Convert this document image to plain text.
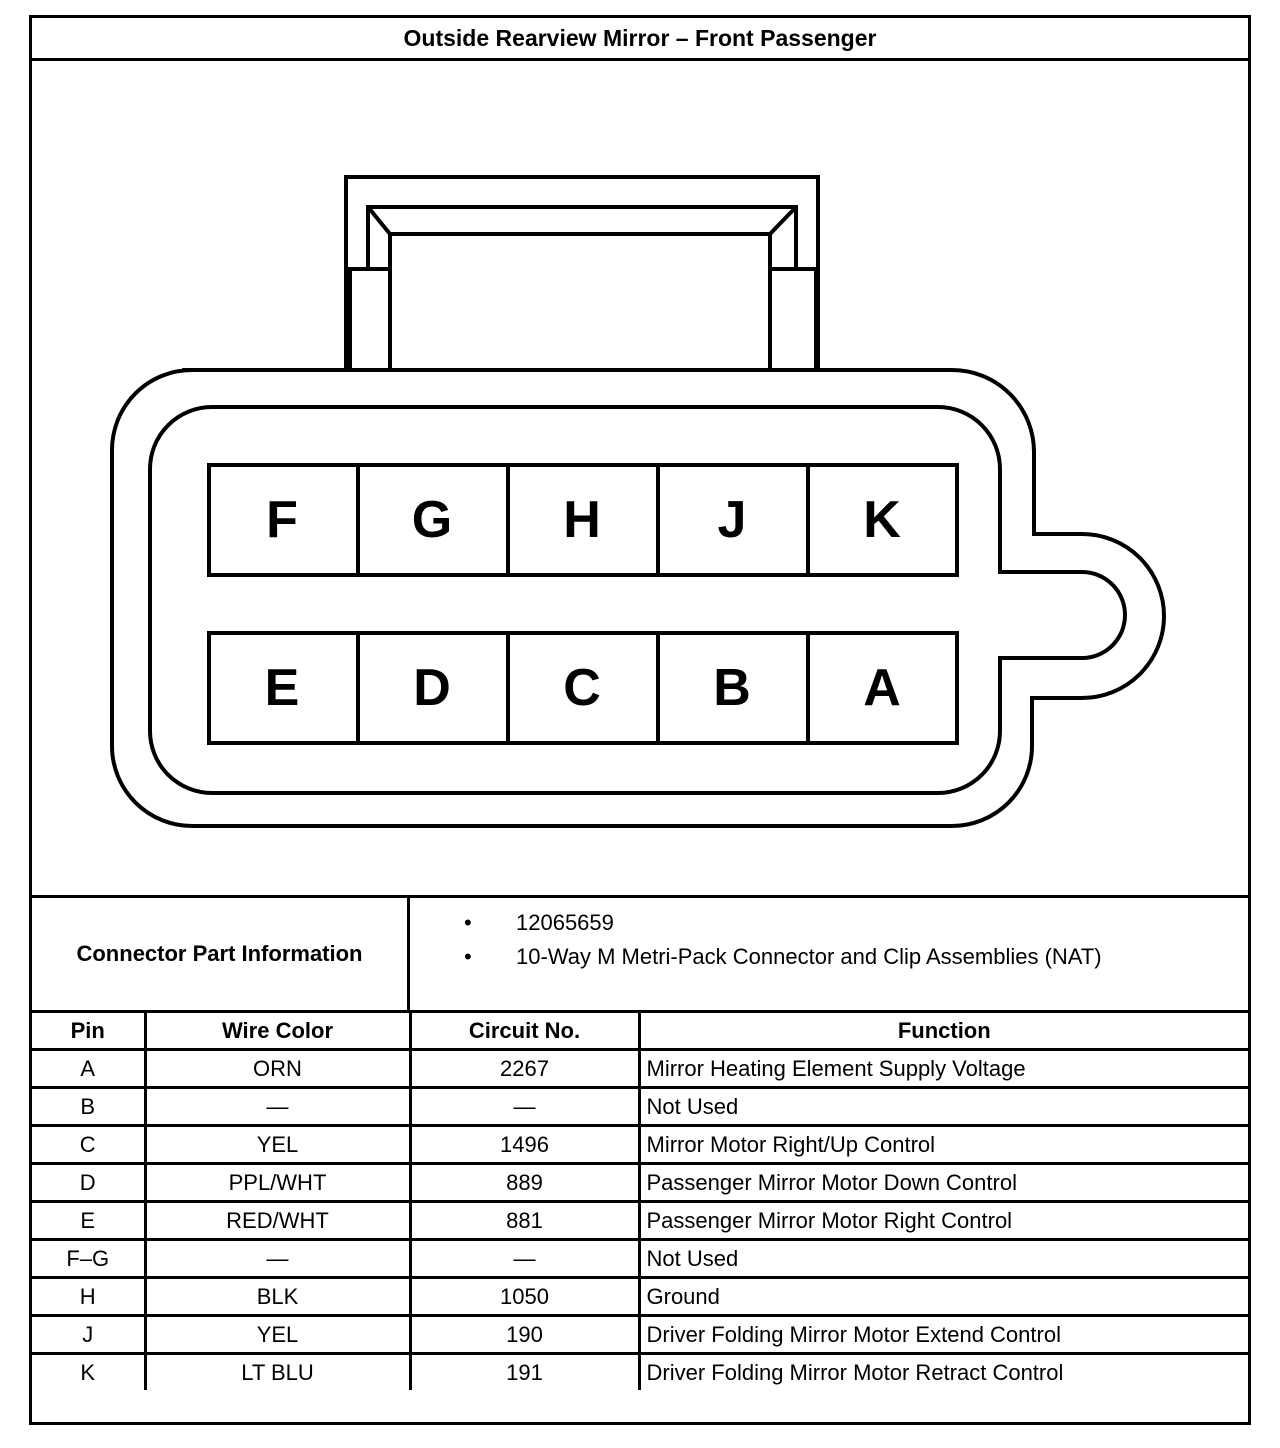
Outside Rearview Mirror – Front Passenger
F	G	H	J	K
E	D	C	B	A
Connector Part Information
• 12065659
• 10-Way M Metri-Pack Connector and Clip Assemblies (NAT)
Pin	Wire Color	Circuit No.	Function
A	ORN	2267	Mirror Heating Element Supply Voltage
B	—	—	Not Used
C	YEL	1496	Mirror Motor Right/Up Control
D	PPL/WHT	889	Passenger Mirror Motor Down Control
E	RED/WHT	881	Passenger Mirror Motor Right Control
F–G	—	—	Not Used
H	BLK	1050	Ground
J	YEL	190	Driver Folding Mirror Motor Extend Control
K	LT BLU	191	Driver Folding Mirror Motor Retract Control
